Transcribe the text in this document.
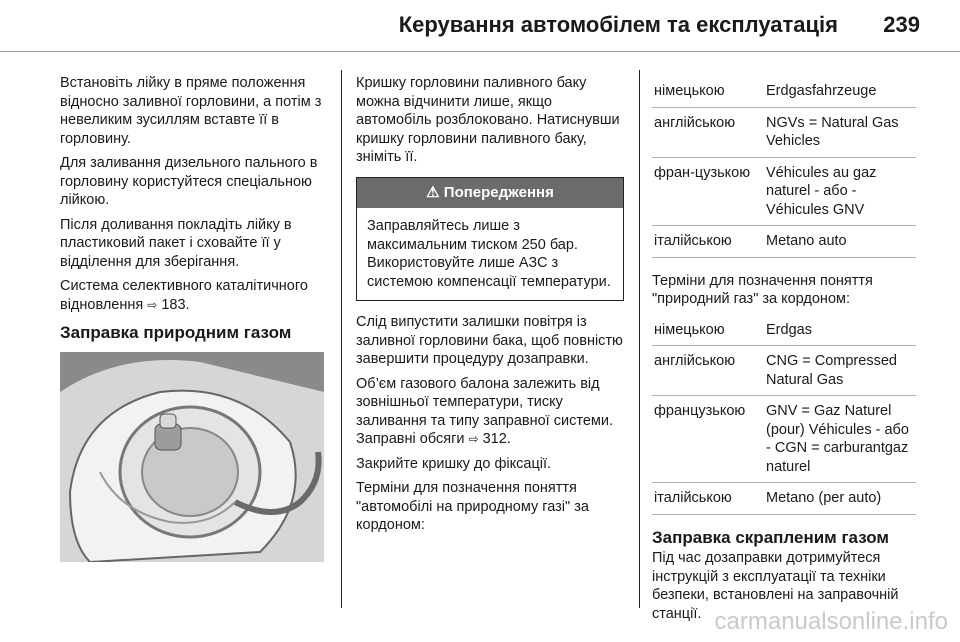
Керування автомобілем та експлуатація 239

Встановіть лійку в пряме положення відносно заливної горловини, а потім з невеликим зусиллям вставте її в горловину.

Для заливання дизельного пального в горловину користуйтеся спеціальною лійкою.

Після доливання покладіть лійку в пластиковий пакет і сховайте її у відділення для зберігання.

Система селективного каталітичного відновлення ⇨ 183.

Заправка природним газом

Кришку горловини паливного баку можна відчинити лише, якщо автомобіль розблоковано. Натиснувши кришку горловини паливного баку, зніміть її.

⚠ Попередження
Заправляйтесь лише з максимальним тиском 250 бар. Використовуйте лише АЗС з системою компенсації температури.

Слід випустити залишки повітря із заливної горловини бака, щоб повністю завершити процедуру дозаправки.

Об’єм газового балона залежить від зовнішньої температури, тиску заливання та типу заправної системи. Заправні обсяги ⇨ 312.

Закрийте кришку до фіксації.

Терміни для позначення поняття "автомобілі на природному газі" за кордоном:

німецькою	Erdgasfahrzeuge
англійською	NGVs = Natural Gas Vehicles
фран-цузькою	Véhicules au gaz naturel - або - Véhicules GNV
італійською	Metano auto

Терміни для позначення поняття "природний газ" за кордоном:

німецькою	Erdgas
англійською	CNG = Compressed Natural Gas
французькою	GNV = Gaz Naturel (pour) Véhicules - або - CGN = carburantgaz naturel
італійською	Metano (per auto)
Заправка скрапленим газом

Під час дозаправки дотримуйтеся інструкцій з експлуатації та техніки безпеки, встановлені на заправочній станції. carmanualsonline.info
